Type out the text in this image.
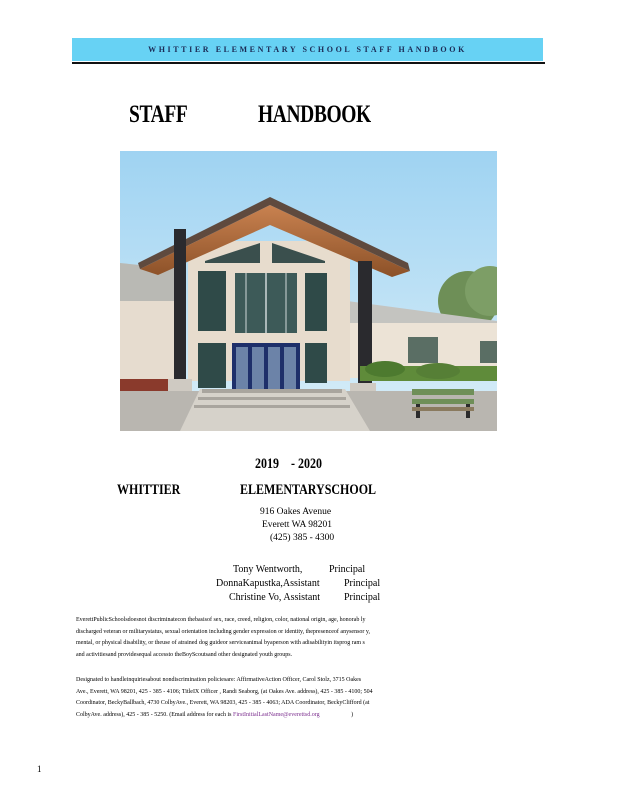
WHITTIER ELEMENTARY SCHOOL STAFF HANDBOOK
STAFF	HANDBOOK
2019 - 2020
WHITTIER	ELEMENTARYSCHOOL
916 Oakes Avenue
Everett WA 98201
(425) 385 - 4300
Tony Wentworth,	Principal
DonnaKapustka,Assistant Principal
Christine Vo, Assistant Principal
EverettPublicSchoolsdoesnot discriminatecon thebasisof sex, race, creed, religion, color, national origin, age, honorab ly
discharged veteran or militarystatus, sexual orientation including gender expression or identity, thepresenceof anysensor y,
mental, or physical disability, or theuse of atrained dog guideor serviceanimal byaperson with adisabilityin itsprog ram s
and activitiesand providesequal accessto theBoyScoutsand other designated youth groups.
Designated to handleinquiriesabout nondiscrimination policiesare: AffirmativeAction Officer, Carol Stolz, 3715 Oakes
Ave., Everett, WA 98201, 425 - 385 - 4106; TitleIX Officer , Randi Seaborg, (at Oakes Ave. address), 425 - 385 - 4100; 504
Coordinator, BeckyBallbach, 4730 ColbyAve., Everett, WA 98203, 425 - 385 - 4063; ADA Coordinator, BeckyClifford (at
ColbyAve. address), 425 - 385 - 5250. (Email address for each is FirstInitialLastName@everettsd.org	)
1
